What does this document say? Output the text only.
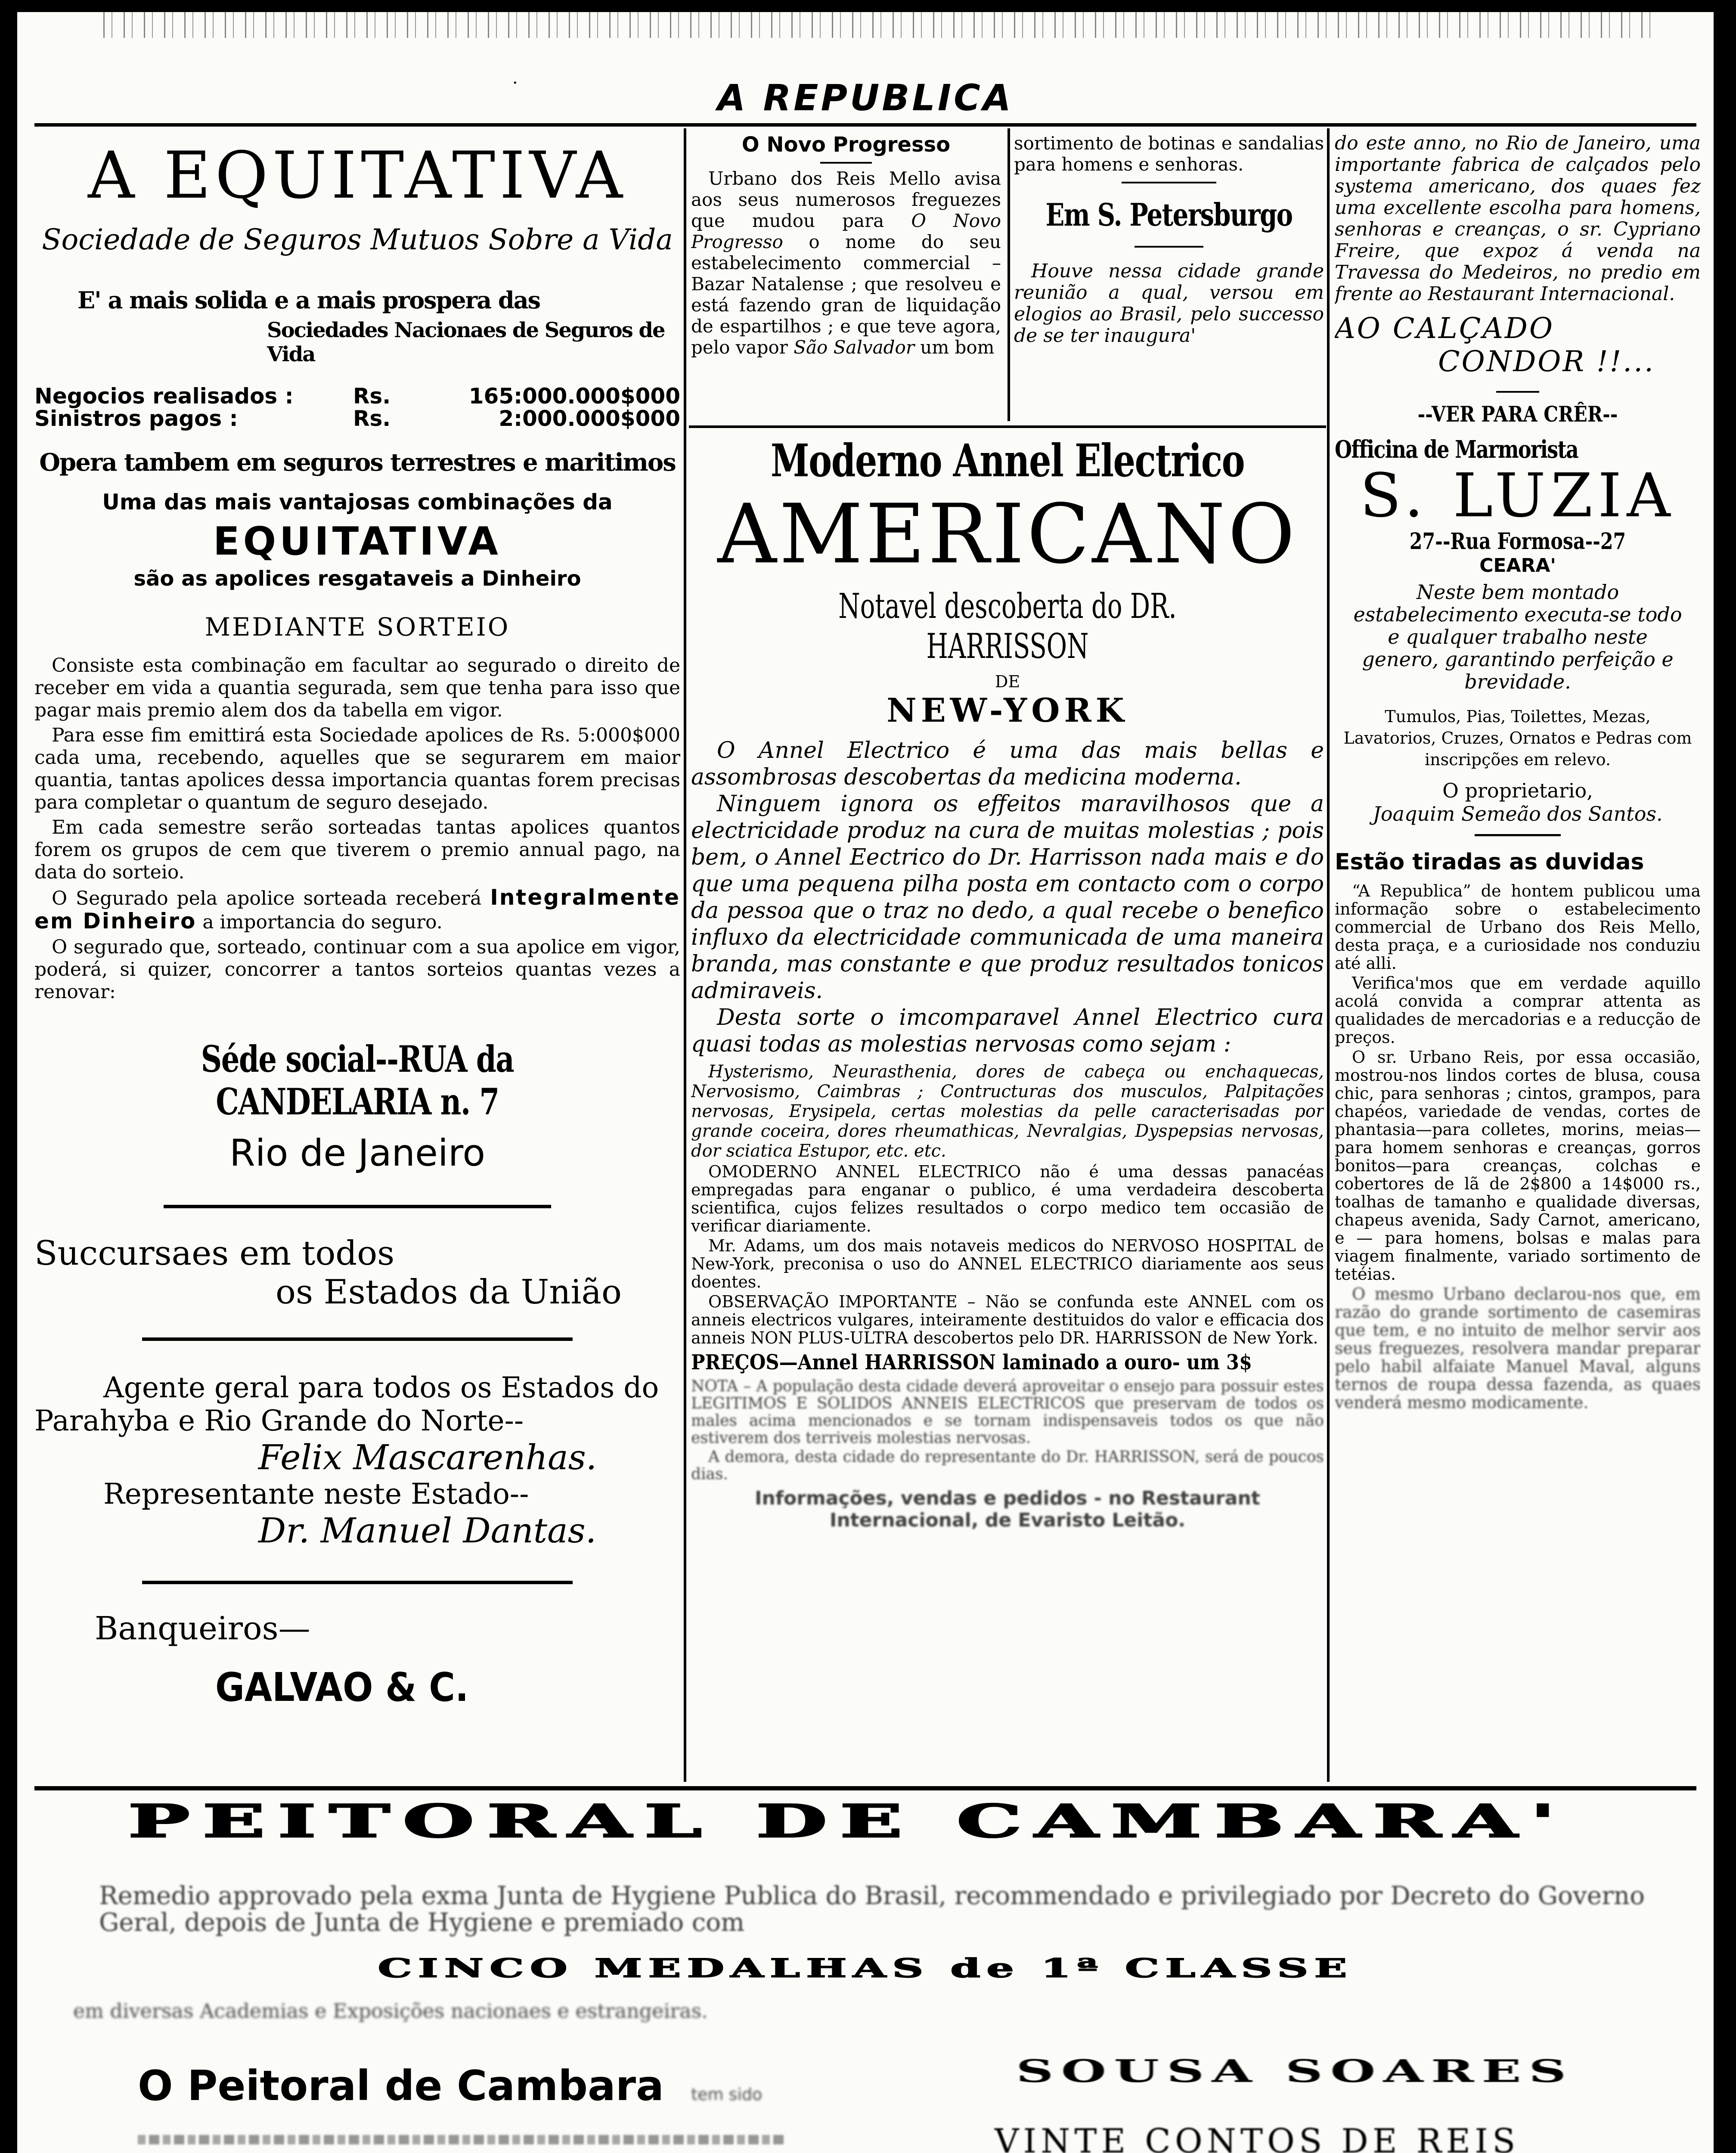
.	A REPUBLICA
A EQUITATIVA
Sociedade de Seguros Mutuos Sobre a Vida
E' a mais solida e a mais prospera das
Sociedades Nacionaes de Seguros de Vida
Negocios realisados :	Rs.	165:000.000$000
Sinistros pagos :	Rs.	2:000.000$000
Opera tambem em seguros terrestres e maritimos
Uma das mais vantajosas combinações da
EQUITATIVA
são as apolices resgataveis a Dinheiro
MEDIANTE SORTEIO

Consiste esta combinação em facultar ao segurado o direito de receber em vida a quantia segurada, sem que tenha para isso que pagar mais premio alem dos da tabella em vigor.

Para esse fim emittirá esta Sociedade apolices de Rs. 5:000$000 cada uma, recebendo, aquelles que se segurarem em maior quantia, tantas apolices dessa importancia quantas forem precisas para completar o quantum de seguro desejado.

Em cada semestre serão sorteadas tantas apolices quantos forem os grupos de cem que tiverem o premio annual pago, na data do sorteio.

O Segurado pela apolice sorteada receberá Integralmente em Dinheiro a importancia do seguro.

O segurado que, sorteado, continuar com a sua apolice em vigor, poderá, si quizer, concorrer a tantos sorteios quantas vezes a renovar:

Séde social--RUA da CANDELARIA n. 7
Rio de Janeiro
Succursaes em todos
os Estados da União
Agente geral para todos os Estados do
Parahyba e Rio Grande do Norte--
Felix Mascarenhas.
Representante neste Estado--
Dr. Manuel Dantas.
Banqueiros—
GALVAO & C.
O Novo Progresso

Urbano dos Reis Mello avisa aos seus numerosos freguezes que mudou para O Novo Progresso o nome do seu estabelecimento commercial – Bazar Natalense ; que resolveu e está fazendo gran de liquidação de espartilhos ; e que teve agora, pelo vapor São Salvador um bom

sortimento de botinas e sandalias para homens e senhoras.

Em S. Petersburgo

Houve nessa cidade grande reunião a qual, versou em elogios ao Brasil, pelo successo de se ter inaugura'

Moderno Annel Electrico
AMERICANO
Notavel descoberta do DR. HARRISSON
DE
NEW-YORK

O Annel Electrico é uma das mais bellas e assombrosas descobertas da medicina moderna.

Ninguem ignora os effeitos maravilhosos que a electricidade produz na cura de muitas molestias ; pois bem, o Annel Eectrico do Dr. Harrisson nada mais e do que uma pequena pilha posta em contacto com o corpo da pessoa que o traz no dedo, a qual recebe o benefico influxo da electricidade communicada de uma maneira branda, mas constante e que produz resultados tonicos admiraveis.

Desta sorte o imcomparavel Annel Electrico cura quasi todas as molestias nervosas como sejam :

Hysterismo, Neurasthenia, dores de cabeça ou enchaquecas, Nervosismo, Caimbras ; Contructuras dos musculos, Palpitações nervosas, Erysipela, certas molestias da pelle caracterisadas por grande coceira, dores rheumathicas, Nevralgias, Dyspepsias nervosas, dor sciatica Estupor, etc. etc.

OMODERNO ANNEL ELECTRICO não é uma dessas panacéas empregadas para enganar o publico, é uma verdadeira descoberta scientifica, cujos felizes resultados o corpo medico tem occasião de verificar diariamente.

Mr. Adams, um dos mais notaveis medicos do NERVOSO HOSPITAL de New-York, preconisa o uso do ANNEL ELECTRICO diariamente aos seus doentes.

OBSERVAÇÃO IMPORTANTE – Não se confunda este ANNEL com os anneis electricos vulgares, inteiramente destituidos do valor e efficacia dos anneis NON PLUS-ULTRA descobertos pelo DR. HARRISSON de New York.

PREÇOS—Annel HARRISSON laminado a ouro- um 3$

NOTA – A população desta cidade deverá aproveitar o ensejo para possuir estes LEGITIMOS E SOLIDOS ANNEIS ELECTRICOS que preservam de todos os males acima mencionados e se tornam indispensaveis todos os que não estiverem dos terriveis molestias nervosas.

A demora, desta cidade do representante do Dr. HARRISSON, será de poucos dias.

Informações, vendas e pedidos - no Restaurant
Internacional, de Evaristo Leitão.

do este anno, no Rio de Janeiro, uma importante fabrica de calçados pelo systema americano, dos quaes fez uma excellente escolha para homens, senhoras e creanças, o sr. Cypriano Freire, que expoz á venda na Travessa do Medeiros, no predio em frente ao Restaurant Internacional.

AO CALÇADO
CONDOR !!...
--VER PARA CRÊR--
Officina de Marmorista
S. LUZIA
27--Rua Formosa--27
CEARA'

Neste bem montado estabelecimento executa-se todo e qualquer trabalho neste genero, garantindo perfeição e brevidade.

Tumulos, Pias, Toilettes, Mezas, Lavatorios, Cruzes, Ornatos e Pedras com inscripções em relevo.

O proprietario,
Joaquim Semeão dos Santos.
Estão tiradas as duvidas

“A Republica” de hontem publicou uma informação sobre o estabelecimento commercial de Urbano dos Reis Mello, desta praça, e a curiosidade nos conduziu até alli.

Verifica'mos que em verdade aquillo acolá convida a comprar attenta as qualidades de mercadorias e a reducção de preços.

O sr. Urbano Reis, por essa occasião, mostrou-nos lindos cortes de blusa, cousa chic, para senhoras ; cintos, grampos, para chapéos, variedade de vendas, cortes de phantasia—para colletes, morins, meias—para homem senhoras e creanças, gorros bonitos—para creanças, colchas e cobertores de lã de 2$800 a 14$000 rs., toalhas de tamanho e qualidade diversas, chapeus avenida, Sady Carnot, americano, e — para homens, bolsas e malas para viagem finalmente, variado sortimento de tetéias.

O mesmo Urbano declarou-nos que, em razão do grande sortimento de casemiras que tem, e no intuito de melhor servir aos seus freguezes, resolvera mandar preparar pelo habil alfaiate Manuel Maval, alguns ternos de roupa dessa fazenda, as quaes venderá mesmo modicamente.

PEITORAL DE CAMBARA'

Remedio approvado pela exma Junta de Hygiene Publica do Brasil, recommendado e privilegiado por Decreto do Governo Geral, depois de Junta de Hygiene e premiado com

CINCO MEDALHAS de 1ª CLASSE

em diversas Academias e Exposições nacionaes e estrangeiras.

O Peitoral de Cambara tem sido
SOUSA SOARES
VINTE CONTOS DE REIS
